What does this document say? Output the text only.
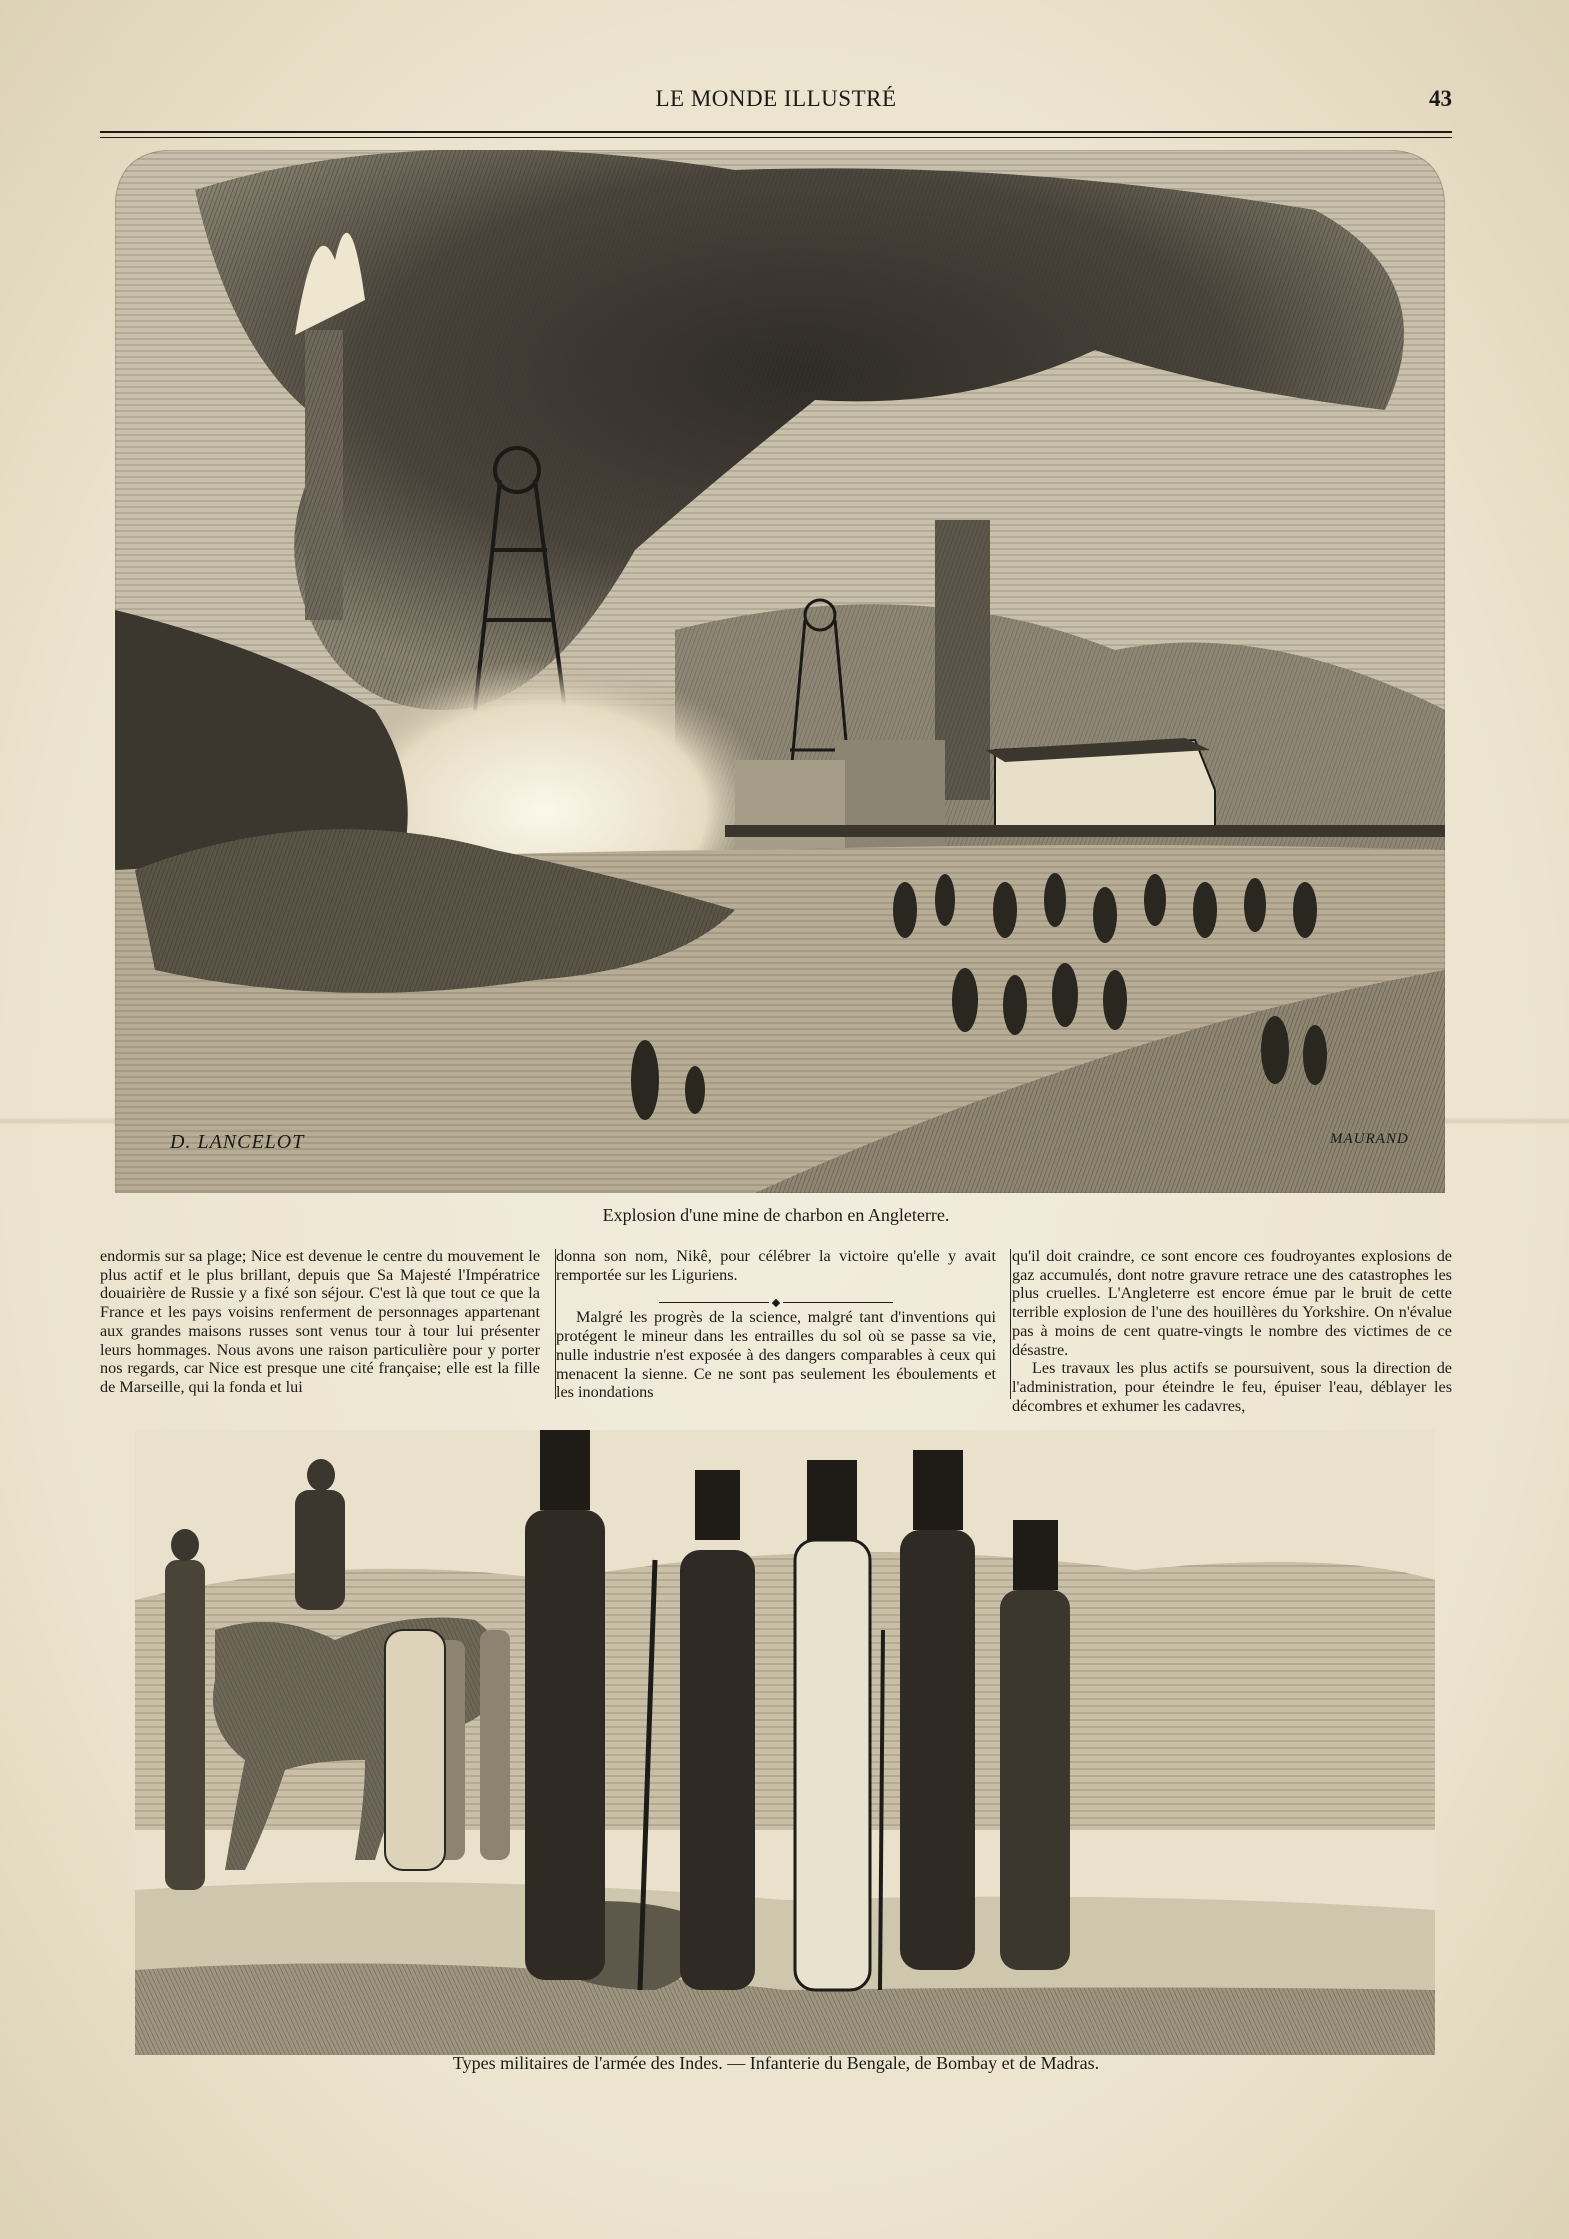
LE MONDE ILLUSTRÉ	43
D. LANCELOT	MAURAND
Explosion d'une mine de charbon en Angleterre.

endormis sur sa plage; Nice est devenue le centre du mouvement le plus actif et le plus brillant, depuis que Sa Majesté l'Impératrice douairière de Russie y a fixé son séjour. C'est là que tout ce que la France et les pays voisins renferment de personnages appartenant aux grandes maisons russes sont venus tour à tour lui présenter leurs hommages. Nous avons une raison particulière pour y porter nos regards, car Nice est presque une cité française; elle est la fille de Marseille, qui la fonda et lui

donna son nom, Nikê, pour célébrer la victoire qu'elle y avait remportée sur les Liguriens.

Malgré les progrès de la science, malgré tant d'inventions qui protégent le mineur dans les entrailles du sol où se passe sa vie, nulle industrie n'est exposée à des dangers comparables à ceux qui menacent la sienne. Ce ne sont pas seulement les éboulements et les inondations

qu'il doit craindre, ce sont encore ces foudroyantes explosions de gaz accumulés, dont notre gravure retrace une des catastrophes les plus cruelles. L'Angleterre est encore émue par le bruit de cette terrible explosion de l'une des houillères du Yorkshire. On n'évalue pas à moins de cent quatre-vingts le nombre des victimes de ce désastre.

Les travaux les plus actifs se poursuivent, sous la direction de l'administration, pour éteindre le feu, épuiser l'eau, déblayer les décombres et exhumer les cadavres,

Types militaires de l'armée des Indes. — Infanterie du Bengale, de Bombay et de Madras.
